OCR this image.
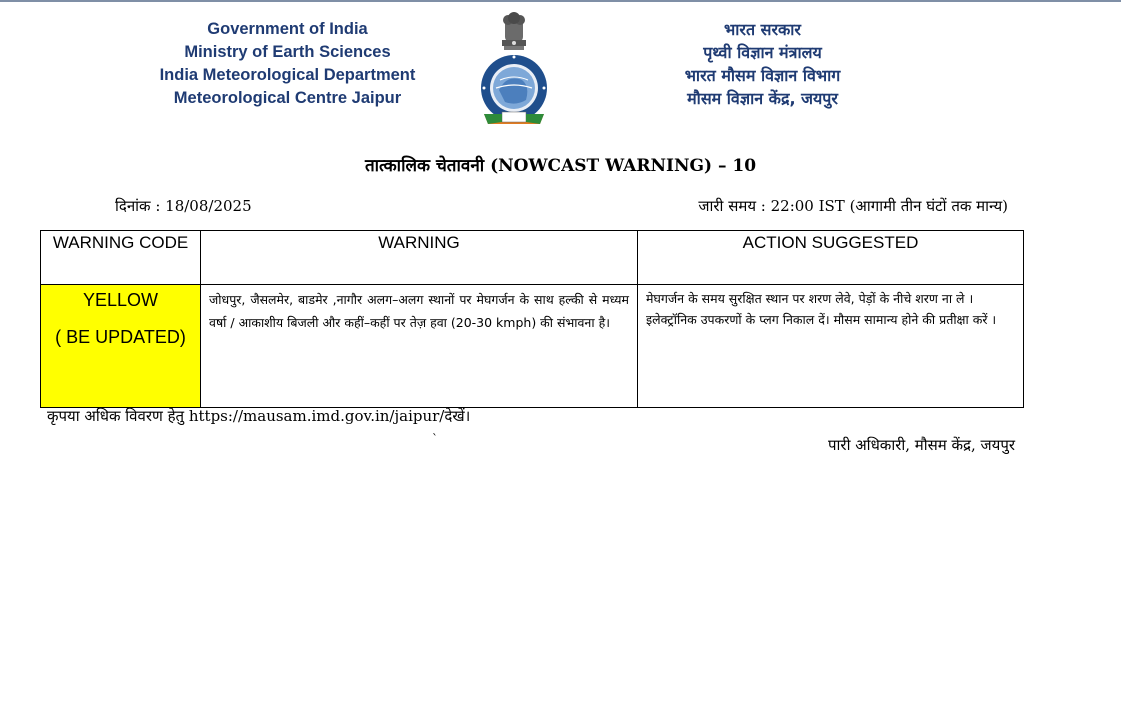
Government of India
Ministry of Earth Sciences
India Meteorological Department
Meteorological Centre Jaipur
भारत सरकार
पृथ्वी विज्ञान मंत्रालय
भारत मौसम विज्ञान विभाग
मौसम विज्ञान केंद्र, जयपुर
तात्कालिक चेतावनी (NOWCAST WARNING) – 10
दिनांक : 18/08/2025	जारी समय : 22:00 IST (आगामी तीन घंटों तक मान्य)
WARNING CODE	WARNING	ACTION SUGGESTED

YELLOW
( BE UPDATED)	जोधपुर, जैसलमेर, बाडमेर ,नागौर अलग–अलग स्थानों पर मेघगर्जन के साथ हल्की से मध्यम वर्षा / आकाशीय बिजली और कहीं–कहीं पर तेज़ हवा (20-30 kmph) की संभावना है।	मेघगर्जन के समय सुरक्षित स्थान पर शरण लेवे, पेड़ों के नीचे शरण ना ले । इलेक्ट्रॉनिक उपकरणों के प्लग निकाल दें। मौसम सामान्य होने की प्रतीक्षा करें ।
कृपया अधिक विवरण हेतु https://mausam.imd.gov.in/jaipur/देखें।
`	पारी अधिकारी, मौसम केंद्र, जयपुर
